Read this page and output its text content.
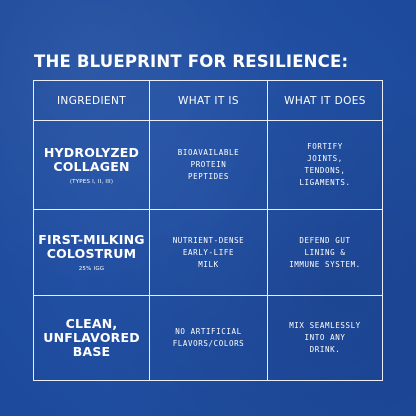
THE BLUEPRINT FOR RESILIENCE:
INGREDIENT	WHAT IT IS	WHAT IT DOES
HYDROLYZED
COLLAGEN
(TYPES I, II, III)
BIOAVAILABLE
PROTEIN
PEPTIDES
FORTIFY
JOINTS,
TENDONS,
LIGAMENTS.
FIRST-MILKING
COLOSTRUM
25% IGG
NUTRIENT-DENSE
EARLY-LIFE
MILK
DEFEND GUT
LINING &
IMMUNE SYSTEM.
CLEAN,
UNFLAVORED
BASE
NO ARTIFICIAL
FLAVORS/COLORS
MIX SEAMLESSLY
INTO ANY
DRINK.
